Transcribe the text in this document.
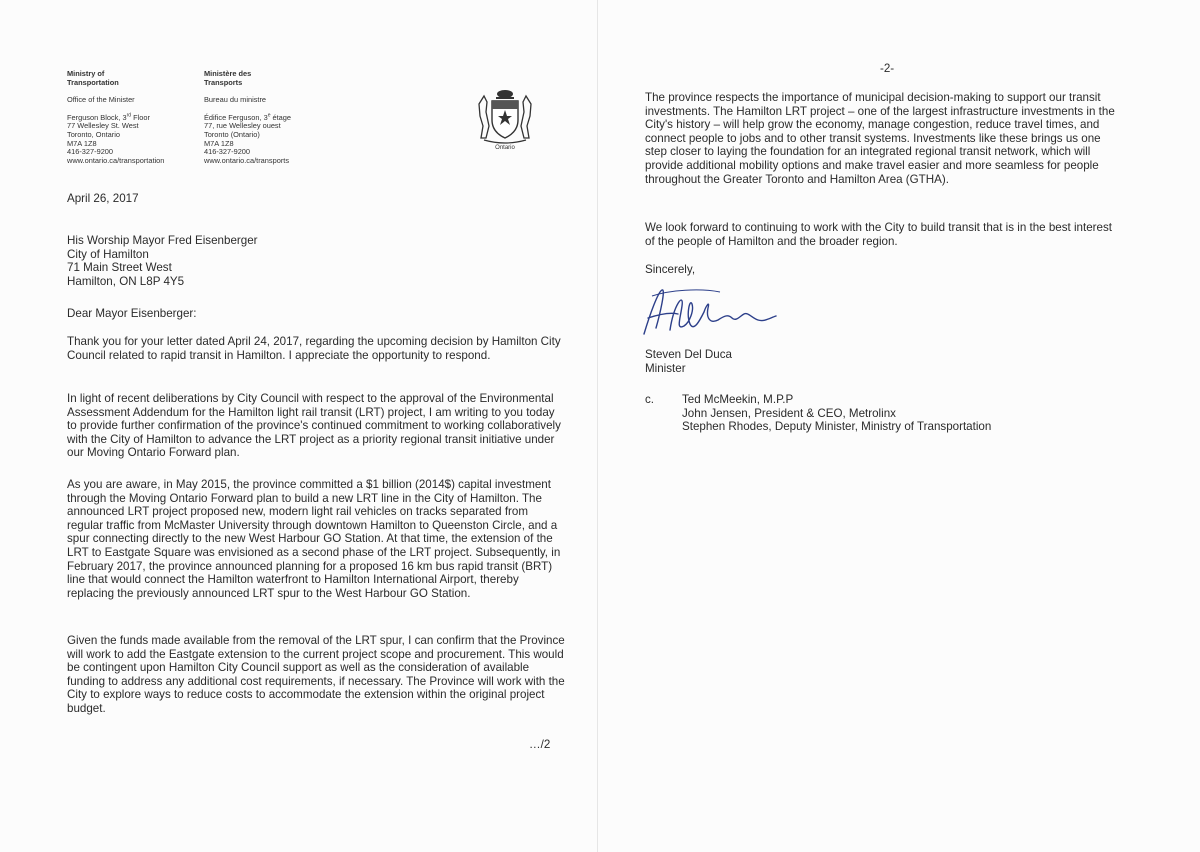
Ministry of
Transportation
Office of the Minister
Ferguson Block, 3rd Floor
77 Wellesley St. West
Toronto, Ontario
M7A 1Z8
416-327-9200
www.ontario.ca/transportation
Ministère des
Transports
Bureau du ministre
Édifice Ferguson, 3e étage
77, rue Wellesley ouest
Toronto (Ontario)
M7A 1Z8
416-327-9200
www.ontario.ca/transports
Ontario
April 26, 2017
His Worship Mayor Fred Eisenberger
City of Hamilton
71 Main Street West
Hamilton, ON L8P 4Y5
Dear Mayor Eisenberger:

Thank you for your letter dated April 24, 2017, regarding the upcoming decision by Hamilton City Council related to rapid transit in Hamilton. I appreciate the opportunity to respond.

In light of recent deliberations by City Council with respect to the approval of the Environmental Assessment Addendum for the Hamilton light rail transit (LRT) project, I am writing to you today to provide further confirmation of the province's continued commitment to working collaboratively with the City of Hamilton to advance the LRT project as a priority regional transit initiative under our Moving Ontario Forward plan.

As you are aware, in May 2015, the province committed a $1 billion (2014$) capital investment through the Moving Ontario Forward plan to build a new LRT line in the City of Hamilton. The announced LRT project proposed new, modern light rail vehicles on tracks separated from regular traffic from McMaster University through downtown Hamilton to Queenston Circle, and a spur connecting directly to the new West Harbour GO Station. At that time, the extension of the LRT to Eastgate Square was envisioned as a second phase of the LRT project. Subsequently, in February 2017, the province announced planning for a proposed 16 km bus rapid transit (BRT) line that would connect the Hamilton waterfront to Hamilton International Airport, thereby replacing the previously announced LRT spur to the West Harbour GO Station.

Given the funds made available from the removal of the LRT spur, I can confirm that the Province will work to add the Eastgate extension to the current project scope and procurement. This would be contingent upon Hamilton City Council support as well as the consideration of available funding to address any additional cost requirements, if necessary. The Province will work with the City to explore ways to reduce costs to accommodate the extension within the original project budget.

…/2
-2-

The province respects the importance of municipal decision-making to support our transit investments. The Hamilton LRT project – one of the largest infrastructure investments in the City's history – will help grow the economy, manage congestion, reduce travel times, and connect people to jobs and to other transit systems. Investments like these brings us one step closer to laying the foundation for an integrated regional transit network, which will provide additional mobility options and make travel easier and more seamless for people throughout the Greater Toronto and Hamilton Area (GTHA).

We look forward to continuing to work with the City to build transit that is in the best interest of the people of Hamilton and the broader region.

Sincerely,
Steven Del Duca
Minister
c. Ted McMeekin, M.P.P
John Jensen, President & CEO, Metrolinx
Stephen Rhodes, Deputy Minister, Ministry of Transportation
